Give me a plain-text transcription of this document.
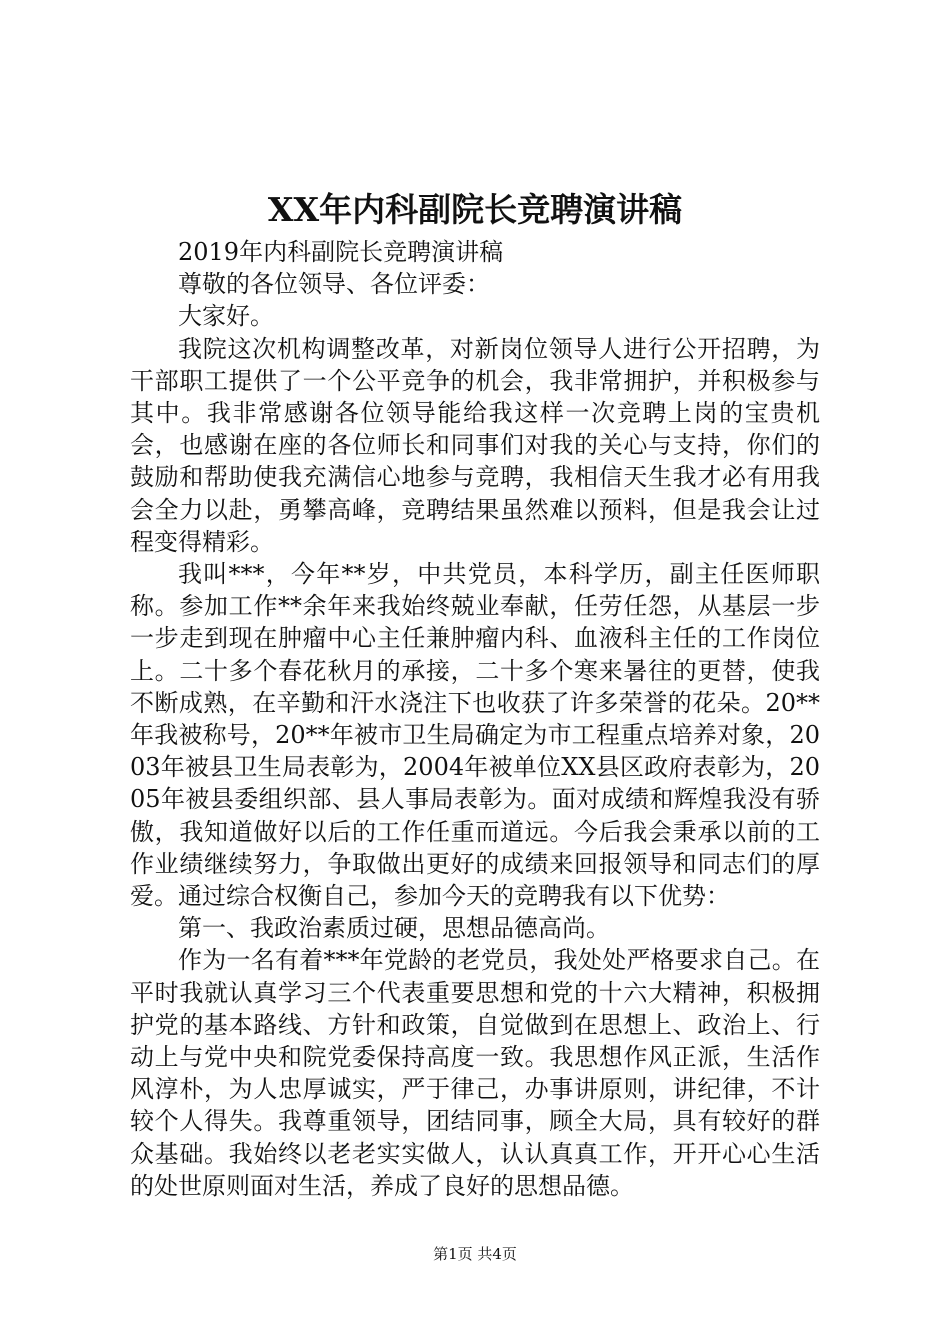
XX年内科副院长竞聘演讲稿

2019年内科副院长竞聘演讲稿

尊敬的各位领导、各位评委：

大家好。

我院这次机构调整改革，对新岗位领导人进行公开招聘，为干部职工提供了一个公平竞争的机会，我非常拥护，并积极参与其中。我非常感谢各位领导能给我这样一次竞聘上岗的宝贵机会，也感谢在座的各位师长和同事们对我的关心与支持，你们的鼓励和帮助使我充满信心地参与竞聘，我相信天生我才必有用我会全力以赴，勇攀高峰，竞聘结果虽然难以预料，但是我会让过程变得精彩。

我叫***，今年**岁，中共党员，本科学历，副主任医师职称。参加工作**余年来我始终兢业奉献，任劳任怨，从基层一步一步走到现在肿瘤中心主任兼肿瘤内科、血液科主任的工作岗位上。二十多个春花秋月的承接，二十多个寒来暑往的更替，使我不断成熟，在辛勤和汗水浇注下也收获了许多荣誉的花朵。20**年我被称号，20**年被市卫生局确定为市工程重点培养对象，2003年被县卫生局表彰为，2004年被单位XX县区政府表彰为，2005年被县委组织部、县人事局表彰为。面对成绩和辉煌我没有骄傲，我知道做好以后的工作任重而道远。今后我会秉承以前的工作业绩继续努力，争取做出更好的成绩来回报领导和同志们的厚爱。通过综合权衡自己，参加今天的竞聘我有以下优势：

第一、我政治素质过硬，思想品德高尚。

作为一名有着***年党龄的老党员，我处处严格要求自己。在平时我就认真学习三个代表重要思想和党的十六大精神，积极拥护党的基本路线、方针和政策，自觉做到在思想上、政治上、行动上与党中央和院党委保持高度一致。我思想作风正派，生活作风淳朴，为人忠厚诚实，严于律己，办事讲原则，讲纪律，不计较个人得失。我尊重领导，团结同事，顾全大局，具有较好的群众基础。我始终以老老实实做人，认认真真工作，开开心心生活的处世原则面对生活，养成了良好的思想品德。

第1页 共4页
